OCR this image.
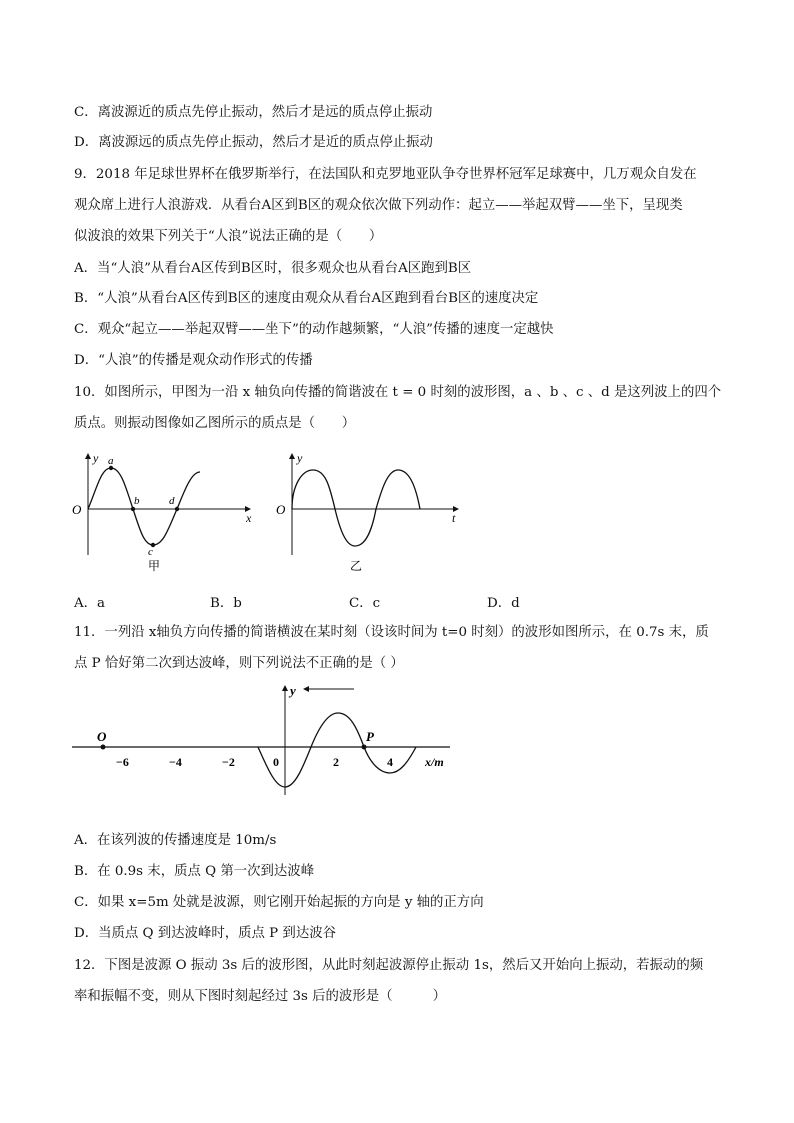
C．离波源近的质点先停止振动，然后才是远的质点停止振动
D．离波源远的质点先停止振动，然后才是近的质点停止振动
9．2018 年足球世界杯在俄罗斯举行，在法国队和克罗地亚队争夺世界杯冠军足球赛中，几万观众自发在
观众席上进行人浪游戏．从看台A区到B区的观众依次做下列动作：起立——举起双臂——坐下，呈现类
似波浪的效果下列关于“人浪”说法正确的是（　　）
A．当“人浪”从看台A区传到B区时，很多观众也从看台A区跑到B区
B．“人浪”从看台A区传到B区的速度由观众从看台A区跑到看台B区的速度决定
C．观众“起立——举起双臂——坐下”的动作越频繁，“人浪”传播的速度一定越快
D．“人浪”的传播是观众动作形式的传播
10．如图所示，甲图为一沿 x 轴负向传播的简谐波在 t = 0 时刻的波形图，a 、b 、c 、d 是这列波上的四个
质点。则振动图像如乙图所示的质点是（　　）
y
x
O
a
b
c
d
甲
y
t
O
乙
A．a	B．b	C．c	D．d
11．一列沿 x轴负方向传播的简谐横波在某时刻（设该时间为 t=0 时刻）的波形如图所示，在 0.7s 末，质
点 P 恰好第二次到达波峰，则下列说法不正确的是（ ）
O	P
y
x/m
0
−6	−4	−2	2	4
A．在该列波的传播速度是 10m/s
B．在 0.9s 末，质点 Q 第一次到达波峰
C．如果 x=5m 处就是波源，则它刚开始起振的方向是 y 轴的正方向
D．当质点 Q 到达波峰时，质点 P 到达波谷
12．下图是波源 O 振动 3s 后的波形图，从此时刻起波源停止振动 1s，然后又开始向上振动，若振动的频
率和振幅不变，则从下图时刻起经过 3s 后的波形是（　　　）
